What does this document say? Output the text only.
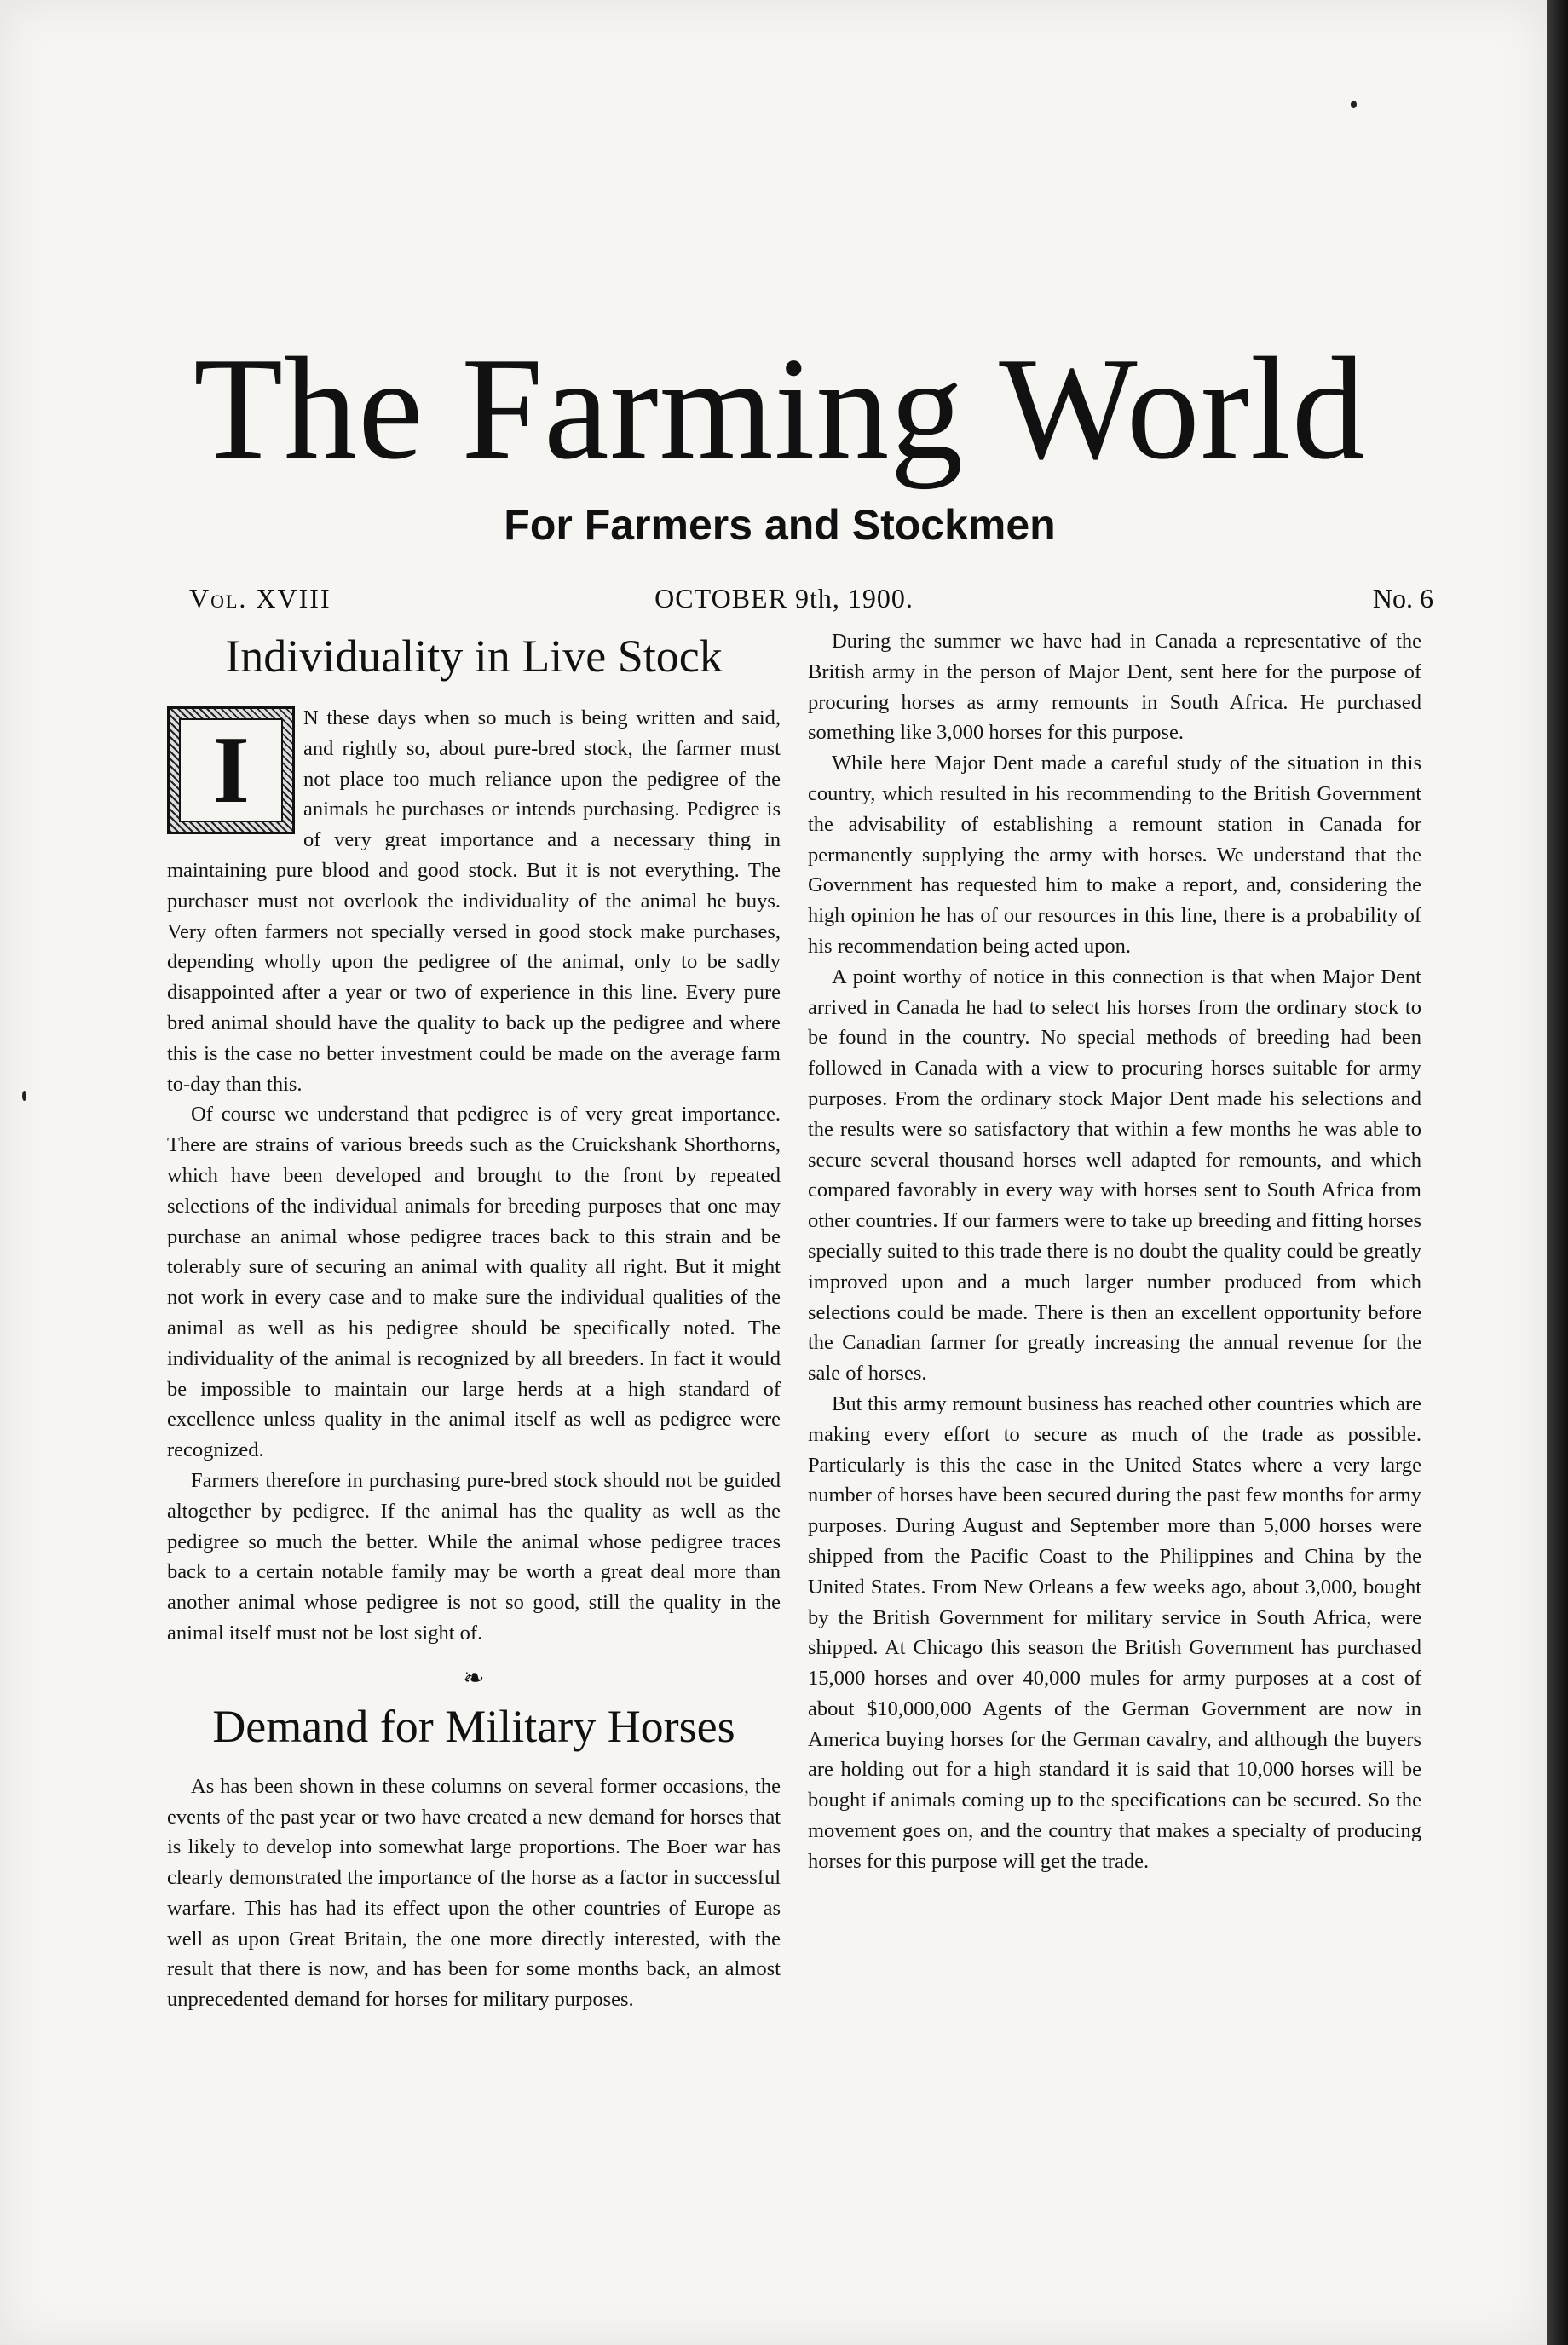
The Farming World
For Farmers and Stockmen
Vol. XVIII	OCTOBER 9th, 1900.	No. 6
Individuality in Live Stock
I	N these days when so much is being written and said, and rightly so, about pure-bred stock, the farmer must not place too much reliance upon the pedigree of the animals he purchases or intends purchasing. Pedigree is of very great importance and a necessary thing in maintaining pure blood and good stock. But it is not everything. The purchaser must not overlook the individuality of the animal he buys. Very often farmers not specially versed in good stock make purchases, depending wholly upon the pedigree of the animal, only to be sadly disappointed after a year or two of experience in this line. Every pure bred animal should have the quality to back up the pedigree and where this is the case no better investment could be made on the average farm to-day than this.

Of course we understand that pedigree is of very great importance. There are strains of various breeds such as the Cruickshank Shorthorns, which have been developed and brought to the front by repeated selections of the individual animals for breeding purposes that one may purchase an animal whose pedigree traces back to this strain and be tolerably sure of securing an animal with quality all right. But it might not work in every case and to make sure the individual qualities of the animal as well as his pedigree should be specifically noted. The individuality of the animal is recognized by all breeders. In fact it would be impossible to maintain our large herds at a high standard of excellence unless quality in the animal itself as well as pedigree were recognized.

Farmers therefore in purchasing pure-bred stock should not be guided altogether by pedigree. If the animal has the quality as well as the pedigree so much the better. While the animal whose pedigree traces back to a certain notable family may be worth a great deal more than another animal whose pedigree is not so good, still the quality in the animal itself must not be lost sight of.

❧
Demand for Military Horses

As has been shown in these columns on several former occasions, the events of the past year or two have created a new demand for horses that is likely to develop into somewhat large proportions. The Boer war has clearly demonstrated the importance of the horse as a factor in successful warfare. This has had its effect upon the other countries of Europe as well as upon Great Britain, the one more directly interested, with the result that there is now, and has been for some months back, an almost unprecedented demand for horses for military purposes.

During the summer we have had in Canada a representative of the British army in the person of Major Dent, sent here for the purpose of procuring horses as army remounts in South Africa. He purchased something like 3,000 horses for this purpose.

While here Major Dent made a careful study of the situation in this country, which resulted in his recommending to the British Government the advisability of establishing a remount station in Canada for permanently supplying the army with horses. We understand that the Government has requested him to make a report, and, considering the high opinion he has of our resources in this line, there is a probability of his recommendation being acted upon.

A point worthy of notice in this connection is that when Major Dent arrived in Canada he had to select his horses from the ordinary stock to be found in the country. No special methods of breeding had been followed in Canada with a view to procuring horses suitable for army purposes. From the ordinary stock Major Dent made his selections and the results were so satisfactory that within a few months he was able to secure several thousand horses well adapted for remounts, and which compared favorably in every way with horses sent to South Africa from other countries. If our farmers were to take up breeding and fitting horses specially suited to this trade there is no doubt the quality could be greatly improved upon and a much larger number produced from which selections could be made. There is then an excellent opportunity before the Canadian farmer for greatly increasing the annual revenue for the sale of horses.

But this army remount business has reached other countries which are making every effort to secure as much of the trade as possible. Particularly is this the case in the United States where a very large number of horses have been secured during the past few months for army purposes. During August and September more than 5,000 horses were shipped from the Pacific Coast to the Philippines and China by the United States. From New Orleans a few weeks ago, about 3,000, bought by the British Government for military service in South Africa, were shipped. At Chicago this season the British Government has purchased 15,000 horses and over 40,000 mules for army purposes at a cost of about $10,000,000 Agents of the German Government are now in America buying horses for the German cavalry, and although the buyers are holding out for a high standard it is said that 10,000 horses will be bought if animals coming up to the specifications can be secured. So the movement goes on, and the country that makes a specialty of producing horses for this purpose will get the trade.
